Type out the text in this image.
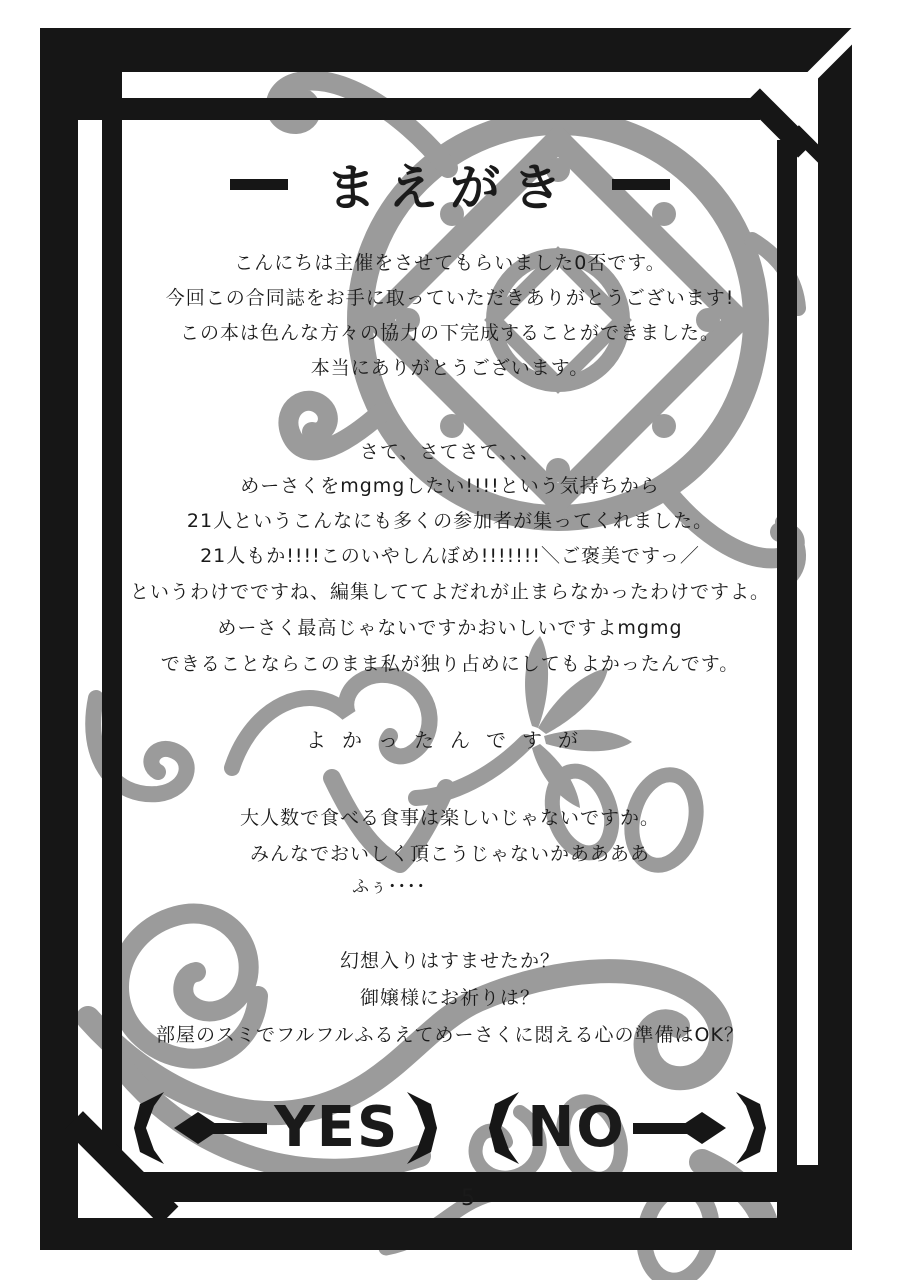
まえがき
こんにちは主催をさせてもらいました0否です。
今回この合同誌をお手に取っていただきありがとうございます!
この本は色んな方々の協力の下完成することができました。
本当にありがとうございます。
さて、さてさて、、、
めーさくをmgmgしたい!!!!という気持ちから
21人というこんなにも多くの参加者が集ってくれました。
21人もか!!!!このいやしんぼめ!!!!!!!＼ご褒美ですっ／
というわけでですね、編集しててよだれが止まらなかったわけですよ。
めーさく最高じゃないですかおいしいですよmgmg
できることならこのまま私が独り占めにしてもよかったんです。
よかったんですが
大人数で食べる食事は楽しいじゃないですか。
みんなでおいしく頂こうじゃないかああああ
ふぅ････
幻想入りはすませたか？
御嬢様にお祈りは？
部屋のスミでフルフルふるえてめーさくに悶える心の準備はOK？
YES NO
5
